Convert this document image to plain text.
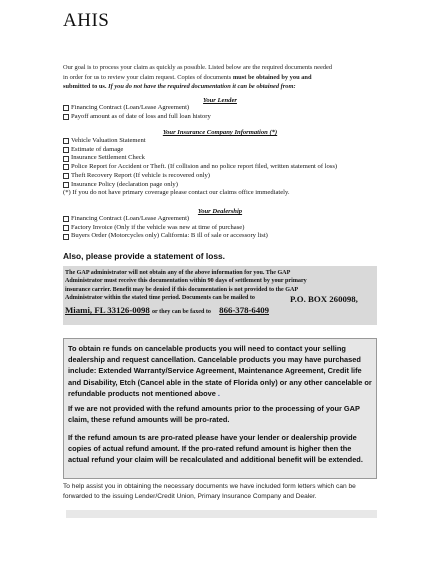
AHIS
Our goal is to process your claim as quickly as possible. Listed below are the required documents needed
in order for us to review your claim request. Copies of documents must be obtained by you and
submitted to us. If you do not have the required documentation it can be obtained from:
Your Lender
Financing Contract (Loan/Lease Agreement)
Payoff amount as of date of loss and full loan history
Your Insurance Company Information (*)
Vehicle Valuation Statement
Estimate of damage
Insurance Settlement Check
Police Report for Accident or Theft. (If collision and no police report filed, written statement of loss)
Theft Recovery Report (If vehicle is recovered only)
Insurance Policy (declaration page only)
(*) If you do not have primary coverage please contact our claims office immediately.
Your Dealership
Financing Contract (Loan/Lease Agreement)
Factory Invoice (Only if the vehicle was new at time of purchase)
Buyers Order (Motorcycles only) California: B ill of sale or accessory list)
Also, please provide a statement of loss.
The GAP administrator will not obtain any of the above information for you. The GAP
Administrator must receive this documentation within 90 days of settlement by your primary
insurance carrier. Benefit may be denied if this documentation is not provided to the GAP
Administrator within the stated time period. Documents can be mailed to	P.O. BOX 260098,
Miami, FL 33126-0098 or they can be faxed to 866-378-6409

To obtain re funds on cancelable products you will need to contact your selling dealership and request cancellation. Cancelable products you may have purchased include: Extended Warranty/Service Agreement, Maintenance Agreement, Credit life and Disability, Etch (Cancel able in the state of Florida only) or any other cancelable or refundable products not mentioned above .

If we are not provided with the refund amounts prior to the processing of your GAP claim, these refund amounts will be pro-rated.

If the refund amoun ts are pro-rated please have your lender or dealership provide copies of actual refund amount. If the pro-rated refund amount is higher then the actual refund your claim will be recalculated and additional benefit will be extended.

To help assist you in obtaining the necessary documents we have included form letters which can be forwarded to the issuing Lender/Credit Union, Primary Insurance Company and Dealer.
